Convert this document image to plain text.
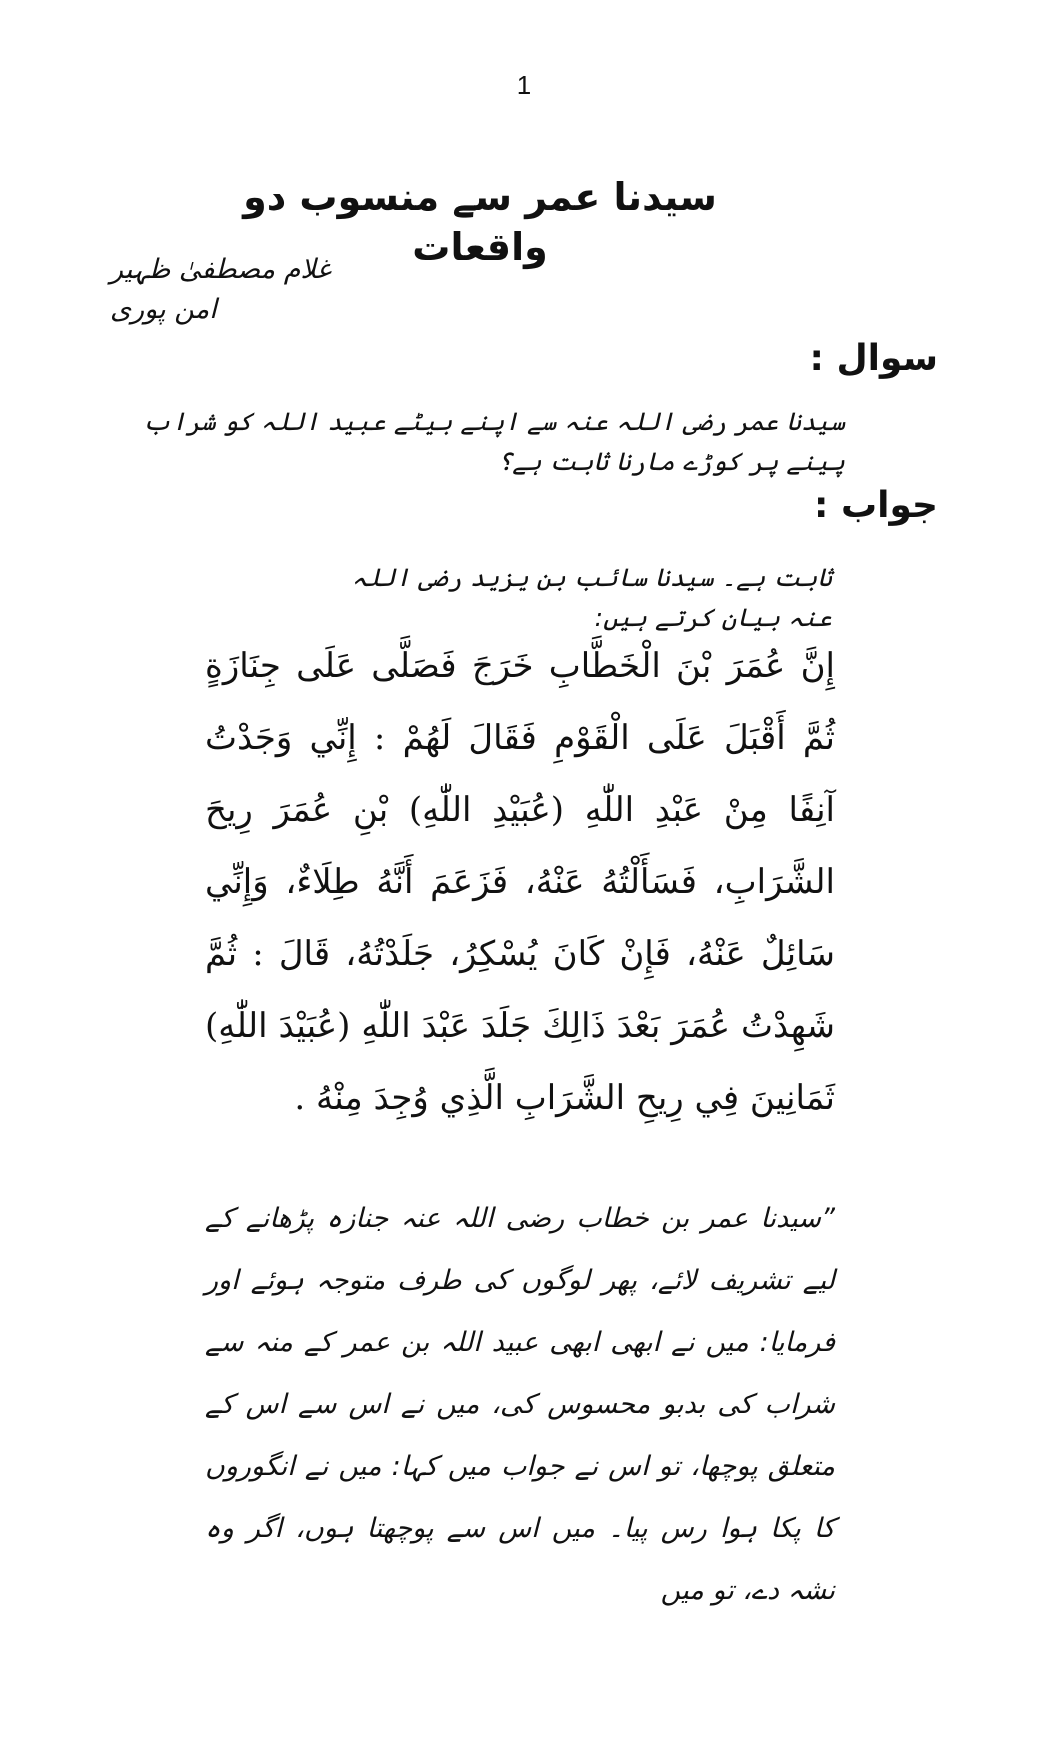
1
سیدنا عمر سے منسوب دو واقعات
غلام مصطفیٰ ظہیر امن پوری
سوال :
سیدنا عمر رضی اللہ عنہ سے اپنے بیٹے عبید اللہ کو شراب پینے پر کوڑے مارنا ثابت ہے؟
جواب :
ثابت ہے۔ سیدنا سائب بن یزید رضی اللہ عنہ بیان کرتے ہیں:
إِنَّ عُمَرَ بْنَ الْخَطَّابِ خَرَجَ فَصَلَّى عَلَى جِنَازَةٍ ثُمَّ أَقْبَلَ عَلَى الْقَوْمِ فَقَالَ لَهُمْ : إِنِّي وَجَدْتُ آنِفًا مِنْ عَبْدِ اللّٰهِ (عُبَيْدِ اللّٰهِ) بْنِ عُمَرَ رِيحَ الشَّرَابِ، فَسَأَلْتُهُ عَنْهُ، فَزَعَمَ أَنَّهُ طِلَاءٌ، وَإِنِّي سَائِلٌ عَنْهُ، فَإِنْ كَانَ يُسْكِرُ، جَلَدْتُهُ، قَالَ : ثُمَّ شَهِدْتُ عُمَرَ بَعْدَ ذَالِكَ جَلَدَ عَبْدَ اللّٰهِ (عُبَيْدَ اللّٰهِ) ثَمَانِينَ فِي رِيحِ الشَّرَابِ الَّذِي وُجِدَ مِنْهُ .
”سیدنا عمر بن خطاب رضی اللہ عنہ جنازہ پڑھانے کے لیے تشریف لائے، پھر لوگوں کی طرف متوجہ ہوئے اور فرمایا: میں نے ابھی ابھی عبید اللہ بن عمر کے منہ سے شراب کی بدبو محسوس کی، میں نے اس سے اس کے متعلق پوچھا، تو اس نے جواب میں کہا: میں نے انگوروں کا پکا ہوا رس پیا۔ میں اس سے پوچھتا ہوں، اگر وہ نشہ دے، تو میں
